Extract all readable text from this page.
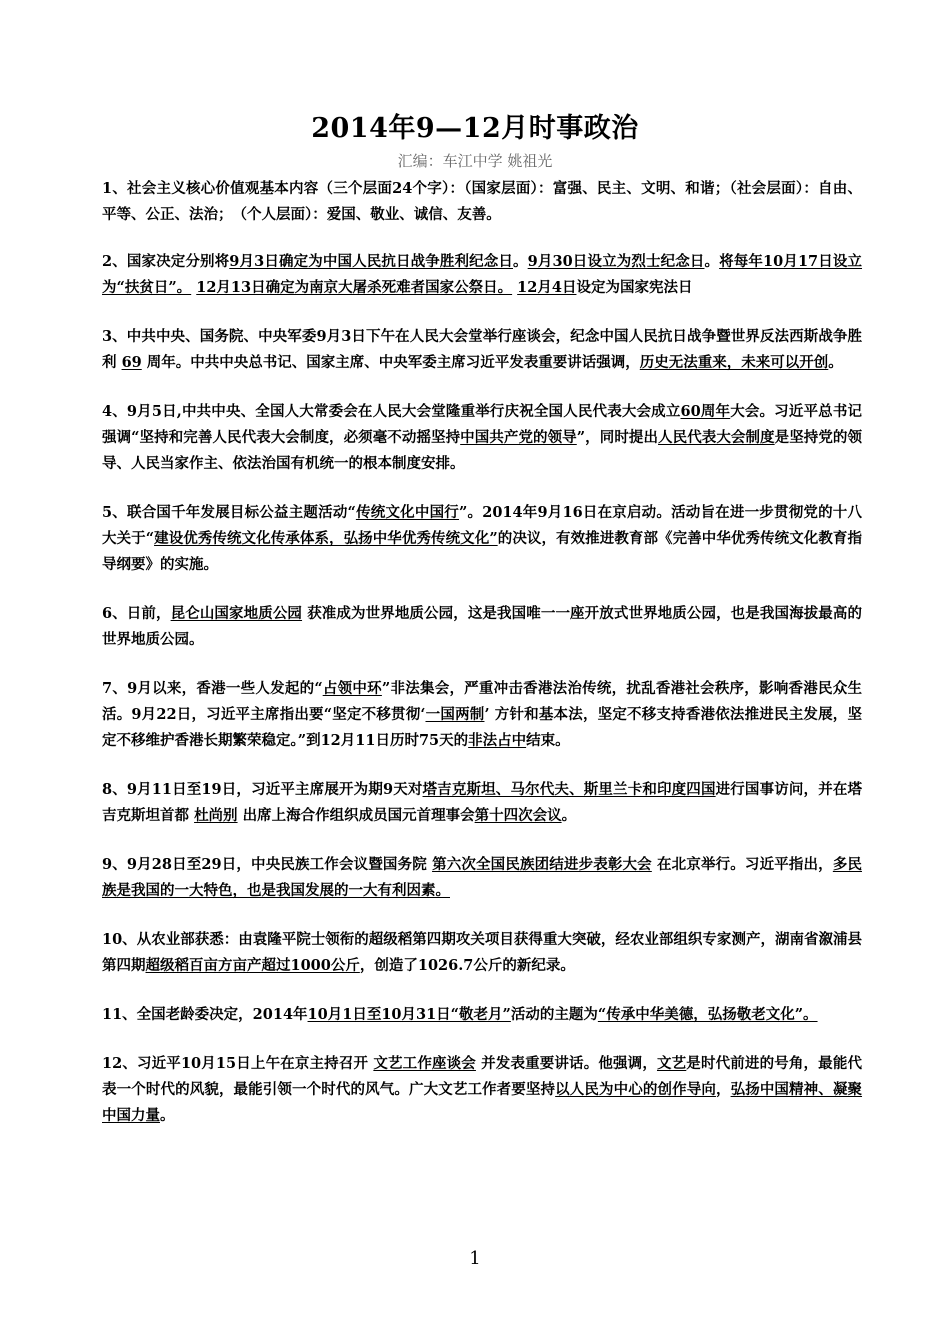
2014年9—12月时事政治
汇编：车江中学 姚祖光
1、社会主义核心价值观基本内容（三个层面24个字）：（国家层面）：富强、民主、文明、和谐；（社会层面）：自由、平等、公正、法治；　（个人层面）：爱国、敬业、诚信、友善。
2、国家决定分别将9月3日确定为中国人民抗日战争胜利纪念日。9月30日设立为烈士纪念日。将每年10月17日设立为“扶贫日”。 12月13日确定为南京大屠杀死难者国家公祭日。 12月4日设定为国家宪法日
3、中共中央、国务院、中央军委9月3日下午在人民大会堂举行座谈会，纪念中国人民抗日战争暨世界反法西斯战争胜利 69 周年。中共中央总书记、国家主席、中央军委主席习近平发表重要讲话强调，历史无法重来，未来可以开创。
4、9月5日,中共中央、全国人大常委会在人民大会堂隆重举行庆祝全国人民代表大会成立60周年大会。习近平总书记强调“坚持和完善人民代表大会制度，必须毫不动摇坚持中国共产党的领导”，同时提出人民代表大会制度是坚持党的领导、人民当家作主、依法治国有机统一的根本制度安排。
5、联合国千年发展目标公益主题活动“传统文化中国行”。2014年9月16日在京启动。活动旨在进一步贯彻党的十八大关于“建设优秀传统文化传承体系，弘扬中华优秀传统文化”的决议，有效推进教育部《完善中华优秀传统文化教育指导纲要》的实施。
6、日前，昆仑山国家地质公园 获准成为世界地质公园，这是我国唯一一座开放式世界地质公园，也是我国海拔最高的世界地质公园。
7、9月以来，香港一些人发起的“占领中环”非法集会，严重冲击香港法治传统，扰乱香港社会秩序，影响香港民众生活。9月22日，习近平主席指出要“坚定不移贯彻‘一国两制’ 方针和基本法，坚定不移支持香港依法推进民主发展，坚定不移维护香港长期繁荣稳定。”到12月11日历时75天的非法占中结束。
8、9月11日至19日，习近平主席展开为期9天对塔吉克斯坦、马尔代夫、斯里兰卡和印度四国进行国事访问，并在塔吉克斯坦首都 杜尚别 出席上海合作组织成员国元首理事会第十四次会议。
9、9月28日至29日，中央民族工作会议暨国务院 第六次全国民族团结进步表彰大会 在北京举行。习近平指出，多民族是我国的一大特色，也是我国发展的一大有利因素。
10、从农业部获悉：由袁隆平院士领衔的超级稻第四期攻关项目获得重大突破，经农业部组织专家测产，湖南省溆浦县第四期超级稻百亩方亩产超过1000公斤，创造了1026.7公斤的新纪录。
11、全国老龄委决定，2014年10月1日至10月31日“敬老月”活动的主题为“传承中华美德，弘扬敬老文化”。
12、习近平10月15日上午在京主持召开 文艺工作座谈会 并发表重要讲话。他强调，文艺是时代前进的号角，最能代表一个时代的风貌，最能引领一个时代的风气。广大文艺工作者要坚持以人民为中心的创作导向，弘扬中国精神、凝聚中国力量。
1
